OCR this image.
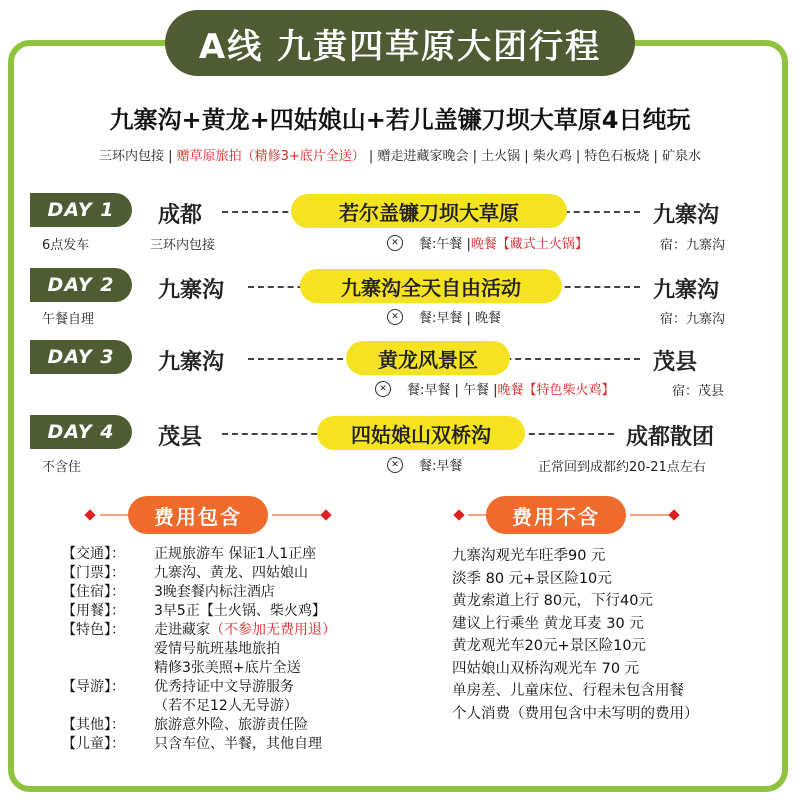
A线 九黄四草原大团行程
九寨沟+黄龙+四姑娘山+若儿盖镰刀坝大草原4日纯玩
三环内包接 | 赠草原旅拍（精修3+底片全送） | 赠走进藏家晚会 | 土火锅 | 柴火鸡 | 特色石板烧 | 矿泉水
DAY 1	成都	若尔盖镰刀坝大草原	九寨沟
6点发车	三环内包接	✕	餐:午餐 | 晚餐【藏式土火锅】	宿：九寨沟
DAY 2	九寨沟	九寨沟全天自由活动	九寨沟
午餐自理	✕	餐:早餐 | 晚餐	宿：九寨沟
DAY 3	九寨沟	黄龙风景区	茂县
✕	餐:早餐 | 午餐 | 晚餐【特色柴火鸡】	宿：茂县
DAY 4	茂县	四姑娘山双桥沟	成都散团
不含住	✕	餐:早餐	正常回到成都约20-21点左右
费用包含	费用不含
【交通】：	正规旅游车 保证1人1正座
【门票】：	九寨沟、黄龙、四姑娘山
【住宿】：	3晚套餐内标注酒店
【用餐】：	3早5正【土火锅、柴火鸡】
【特色】：	走进藏家 （不参加无费用退）
爱情号航班基地旅拍
精修3张美照+底片全送
【导游】：	优秀持证中文导游服务
（若不足12人无导游）
【其他】：	旅游意外险、旅游责任险
【儿童】：	只含车位、半餐，其他自理
九寨沟观光车旺季90 元
淡季 80 元+景区险10元
黄龙索道上行 80元，下行40元
建议上行乘坐 黄龙耳麦 30 元
黄龙观光车20元+景区险10元
四姑娘山双桥沟观光车 70 元
单房差、儿童床位、行程未包含用餐
个人消费（费用包含中未写明的费用）
